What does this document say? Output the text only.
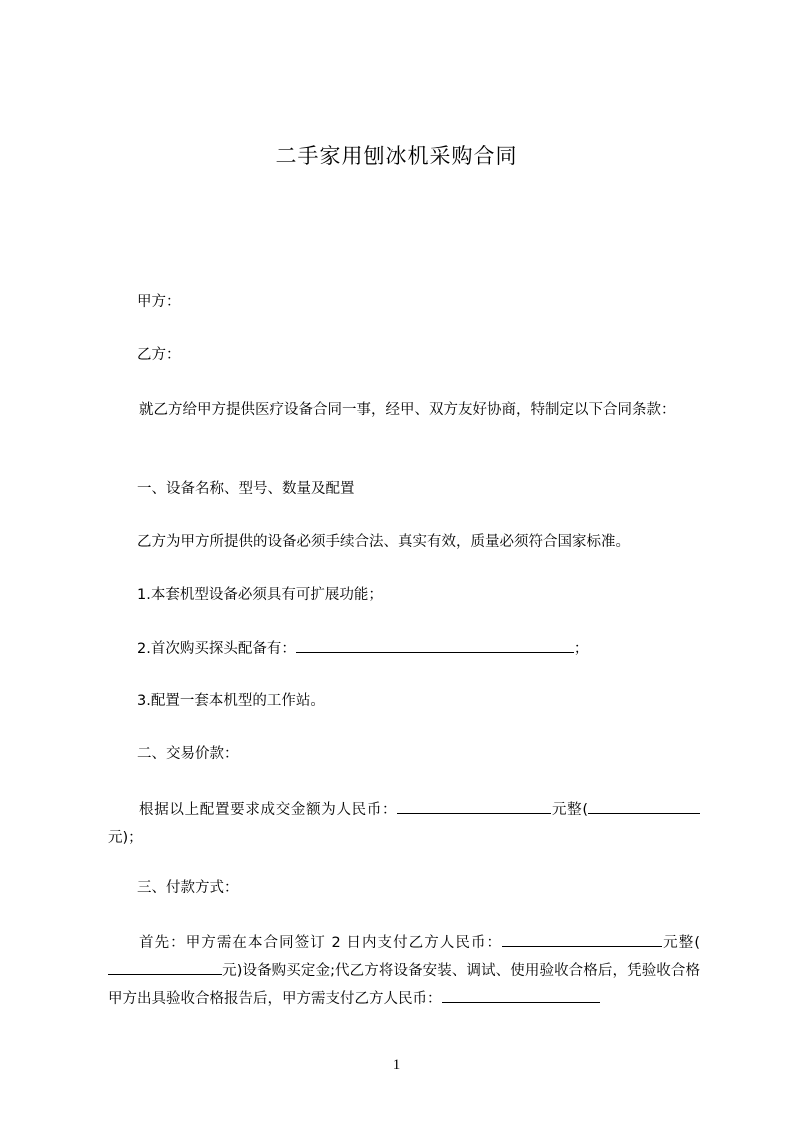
二手家用刨冰机采购合同
甲方：
乙方：
就乙方给甲方提供医疗设备合同一事，经甲、双方友好协商，特制定以下合同条款：
一、设备名称、型号、数量及配置
乙方为甲方所提供的设备必须手续合法、真实有效，质量必须符合国家标准。
1.本套机型设备必须具有可扩展功能；
2.首次购买探头配备有：	；
3.配置一套本机型的工作站。
二、交易价款：
根据以上配置要求成交金额为人民币：	元整(元)；
三、付款方式：
首先：甲方需在本合同签订 2 日内支付乙方人民币：	元整(元)设备购买定金;代乙方将设备安装、调试、使用验收合格后，凭验收合格甲方出具验收合格报告后，甲方需支付乙方人民币：
1
